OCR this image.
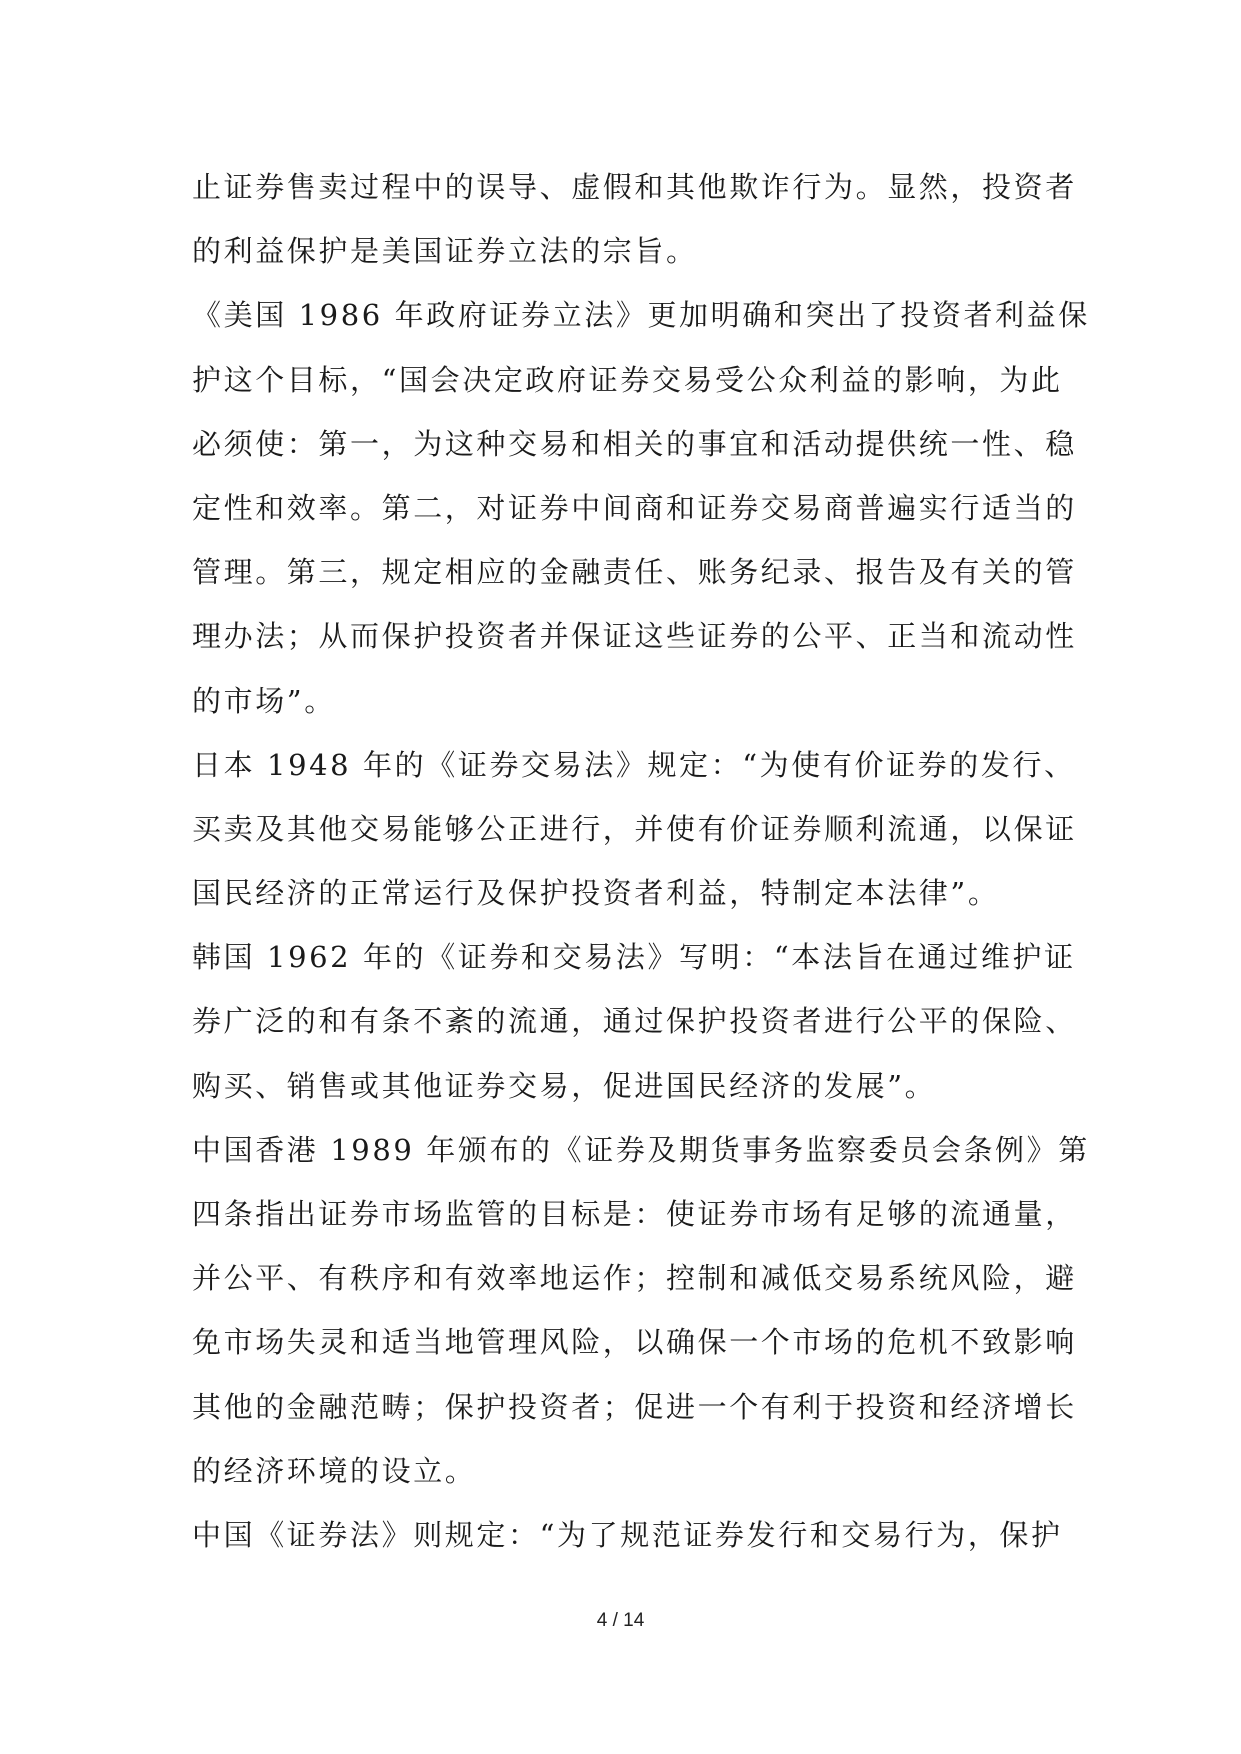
止证券售卖过程中的误导、虚假和其他欺诈行为。显然，投资者
的利益保护是美国证券立法的宗旨。
《美国 1986 年政府证券立法》更加明确和突出了投资者利益保
护这个目标，“国会决定政府证券交易受公众利益的影响，为此
必须使：第一，为这种交易和相关的事宜和活动提供统一性、稳
定性和效率。第二，对证券中间商和证券交易商普遍实行适当的
管理。第三，规定相应的金融责任、账务纪录、报告及有关的管
理办法；从而保护投资者并保证这些证券的公平、正当和流动性
的市场”。
日本 1948 年的《证券交易法》规定：“为使有价证券的发行、
买卖及其他交易能够公正进行，并使有价证券顺利流通，以保证
国民经济的正常运行及保护投资者利益，特制定本法律”。
韩国 1962 年的《证券和交易法》写明：“本法旨在通过维护证
券广泛的和有条不紊的流通，通过保护投资者进行公平的保险、
购买、销售或其他证券交易，促进国民经济的发展”。
中国香港 1989 年颁布的《证券及期货事务监察委员会条例》第
四条指出证券市场监管的目标是：使证券市场有足够的流通量，
并公平、有秩序和有效率地运作；控制和减低交易系统风险，避
免市场失灵和适当地管理风险，以确保一个市场的危机不致影响
其他的金融范畴；保护投资者；促进一个有利于投资和经济增长
的经济环境的设立。
中国《证券法》则规定：“为了规范证券发行和交易行为，保护
4 / 14
